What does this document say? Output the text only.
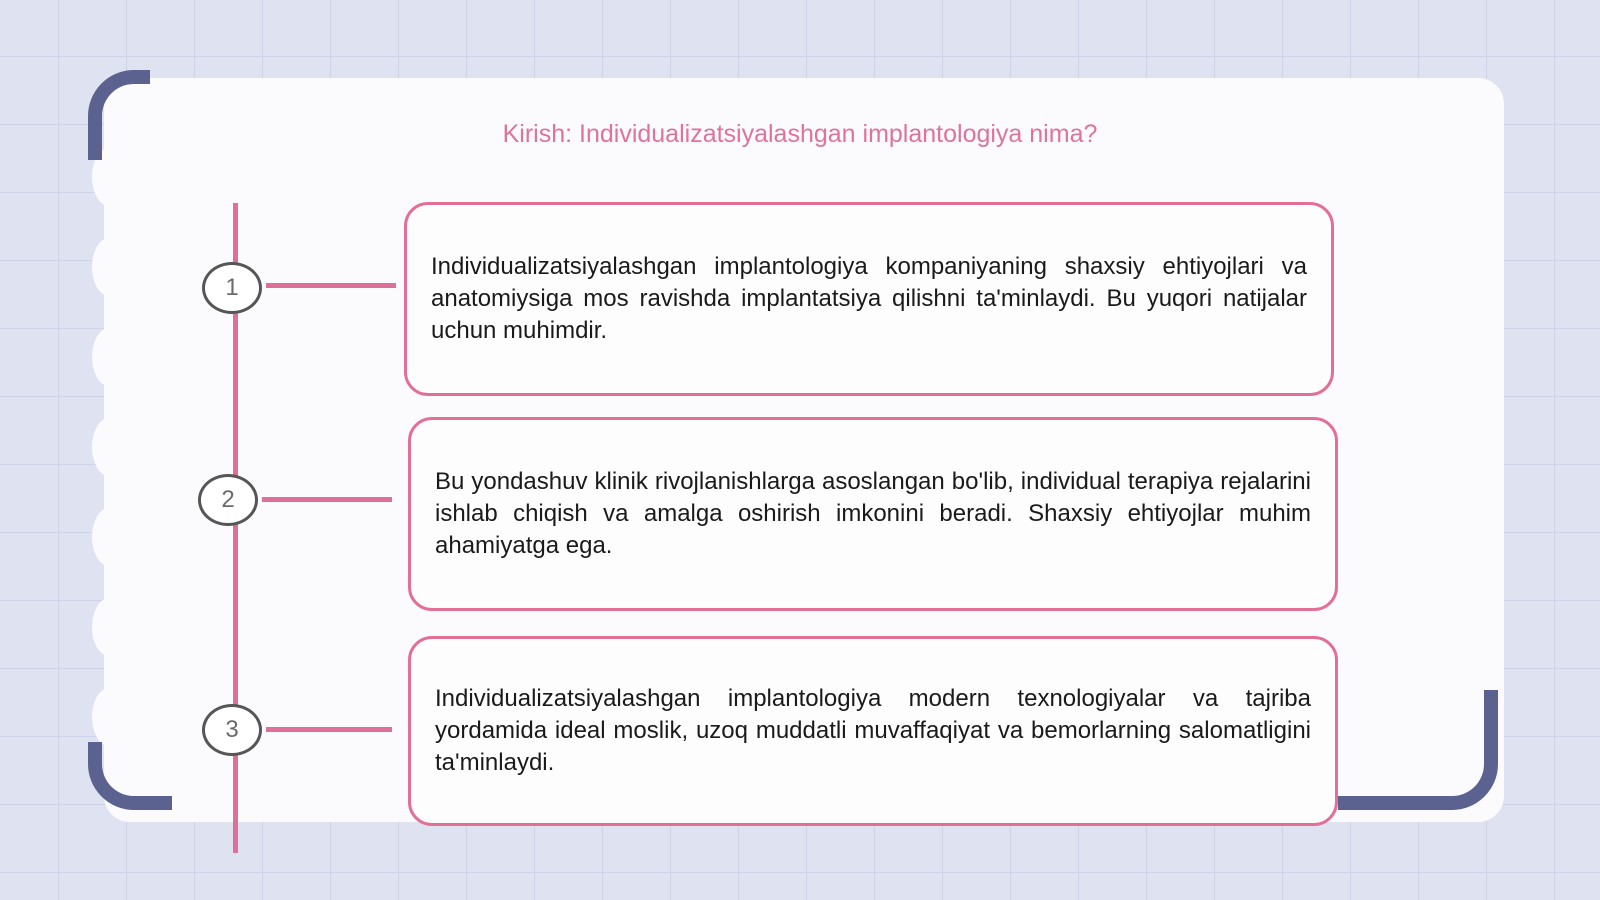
Kirish: Individualizatsiyalashgan implantologiya nima?
1
2
3

Individualizatsiyalashgan implantologiya kompaniyaning shaxsiy ehtiyojlari va anatomiysiga mos ravishda implantatsiya qilishni ta'minlaydi. Bu yuqori natijalar uchun muhimdir.

Bu yondashuv klinik rivojlanishlarga asoslangan bo'lib, individual terapiya rejalarini ishlab chiqish va amalga oshirish imkonini beradi. Shaxsiy ehtiyojlar muhim ahamiyatga ega.

Individualizatsiyalashgan implantologiya modern texnologiyalar va tajriba yordamida ideal moslik, uzoq muddatli muvaffaqiyat va bemorlarning salomatligini ta'minlaydi.
